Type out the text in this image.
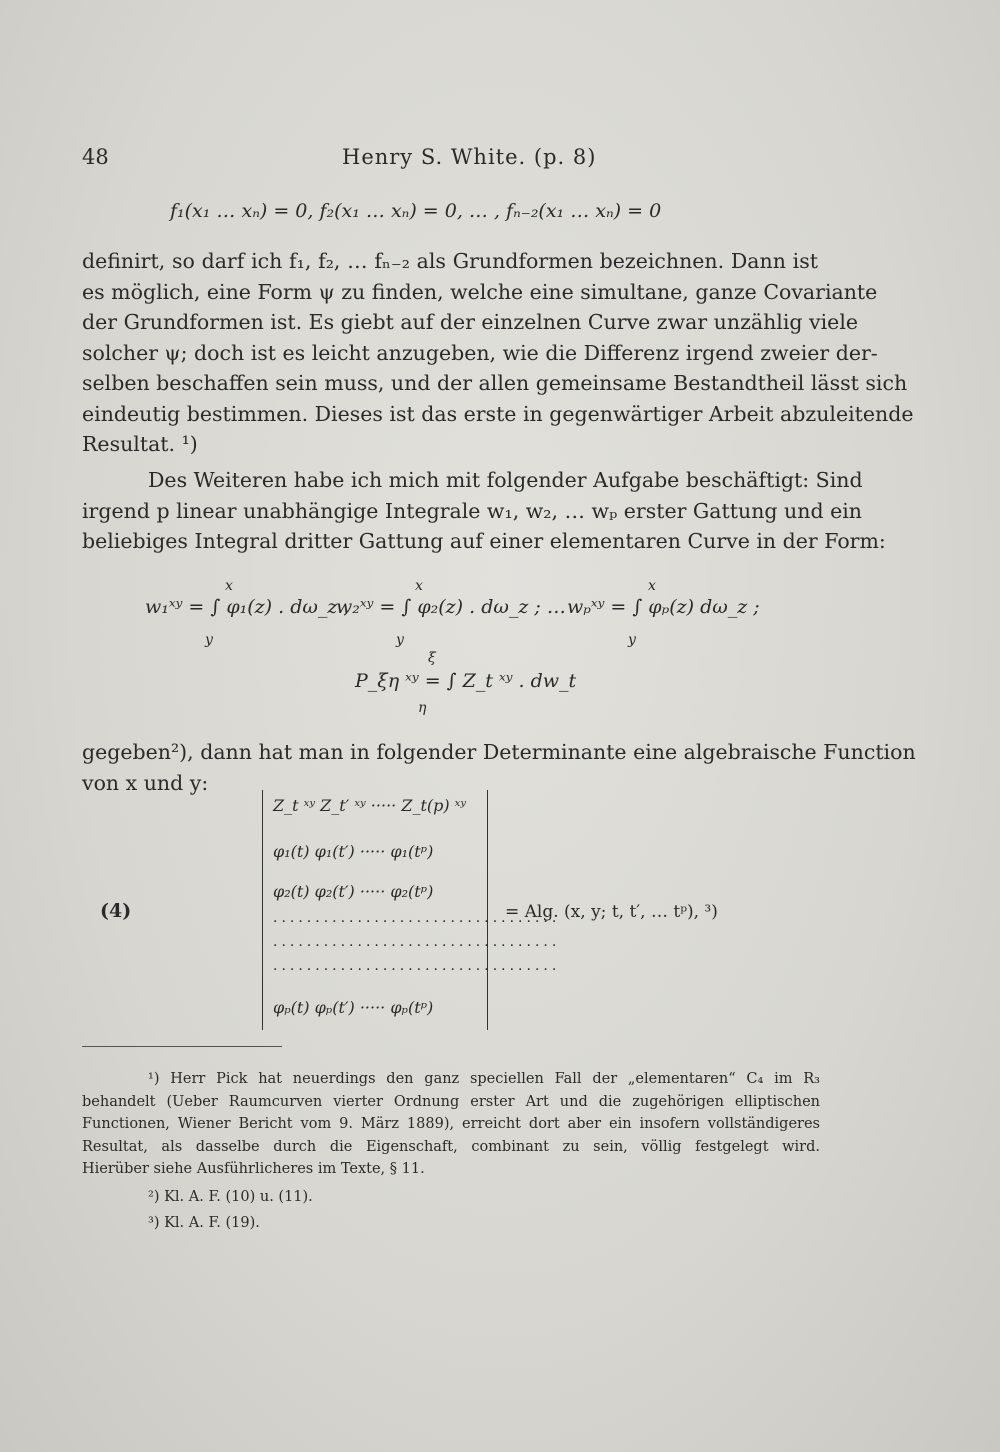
48	Henry S. White. (p. 8)
f₁(x₁ … xₙ) = 0, f₂(x₁ … xₙ) = 0, … , fₙ₋₂(x₁ … xₙ) = 0
definirt, so darf ich f₁, f₂, … fₙ₋₂ als Grundformen bezeichnen. Dann ist
es möglich, eine Form ψ zu finden, welche eine simultane, ganze Covariante
der Grundformen ist. Es giebt auf der einzelnen Curve zwar unzählig viele
solcher ψ; doch ist es leicht anzugeben, wie die Differenz irgend zweier der-
selben beschaffen sein muss, und der allen gemeinsame Bestandtheil lässt sich
eindeutig bestimmen. Dieses ist das erste in gegenwärtiger Arbeit abzuleitende
Resultat. ¹)
Des Weiteren habe ich mich mit folgender Aufgabe beschäftigt: Sind
irgend p linear unabhängige Integrale w₁, w₂, … wₚ erster Gattung und ein
beliebiges Integral dritter Gattung auf einer elementaren Curve in der Form:
x	x	x
w₁ˣʸ = ∫ φ₁(z) . dω_z ,
w₂ˣʸ = ∫ φ₂(z) . dω_z ; … wₚˣʸ = ∫ φₚ(z) dω_z ;
y	y	y
ξ
P_ξη ˣʸ = ∫ Z_t ˣʸ . dw_t
η
gegeben²), dann hat man in folgender Determinante eine algebraische Function
von x und y:
Z_t ˣʸ Z_t′ ˣʸ ····· Z_t(p) ˣʸ
φ₁(t) φ₁(t′) ····· φ₁(tᵖ)
φ₂(t) φ₂(t′) ····· φ₂(tᵖ)
··································
··································
··································
φₚ(t) φₚ(t′) ····· φₚ(tᵖ)
(4)	= Alg. (x, y; t, t′, … tᵖ), ³)
¹) Herr Pick hat neuerdings den ganz speciellen Fall der „elementaren“ C₄ im R₃
behandelt (Ueber Raumcurven vierter Ordnung erster Art und die zugehörigen elliptischen
Functionen, Wiener Bericht vom 9. März 1889), erreicht dort aber ein insofern vollständigeres
Resultat, als dasselbe durch die Eigenschaft, combinant zu sein, völlig festgelegt wird.
Hierüber siehe Ausführlicheres im Texte, § 11.
²) Kl. A. F. (10) u. (11).
³) Kl. A. F. (19).
